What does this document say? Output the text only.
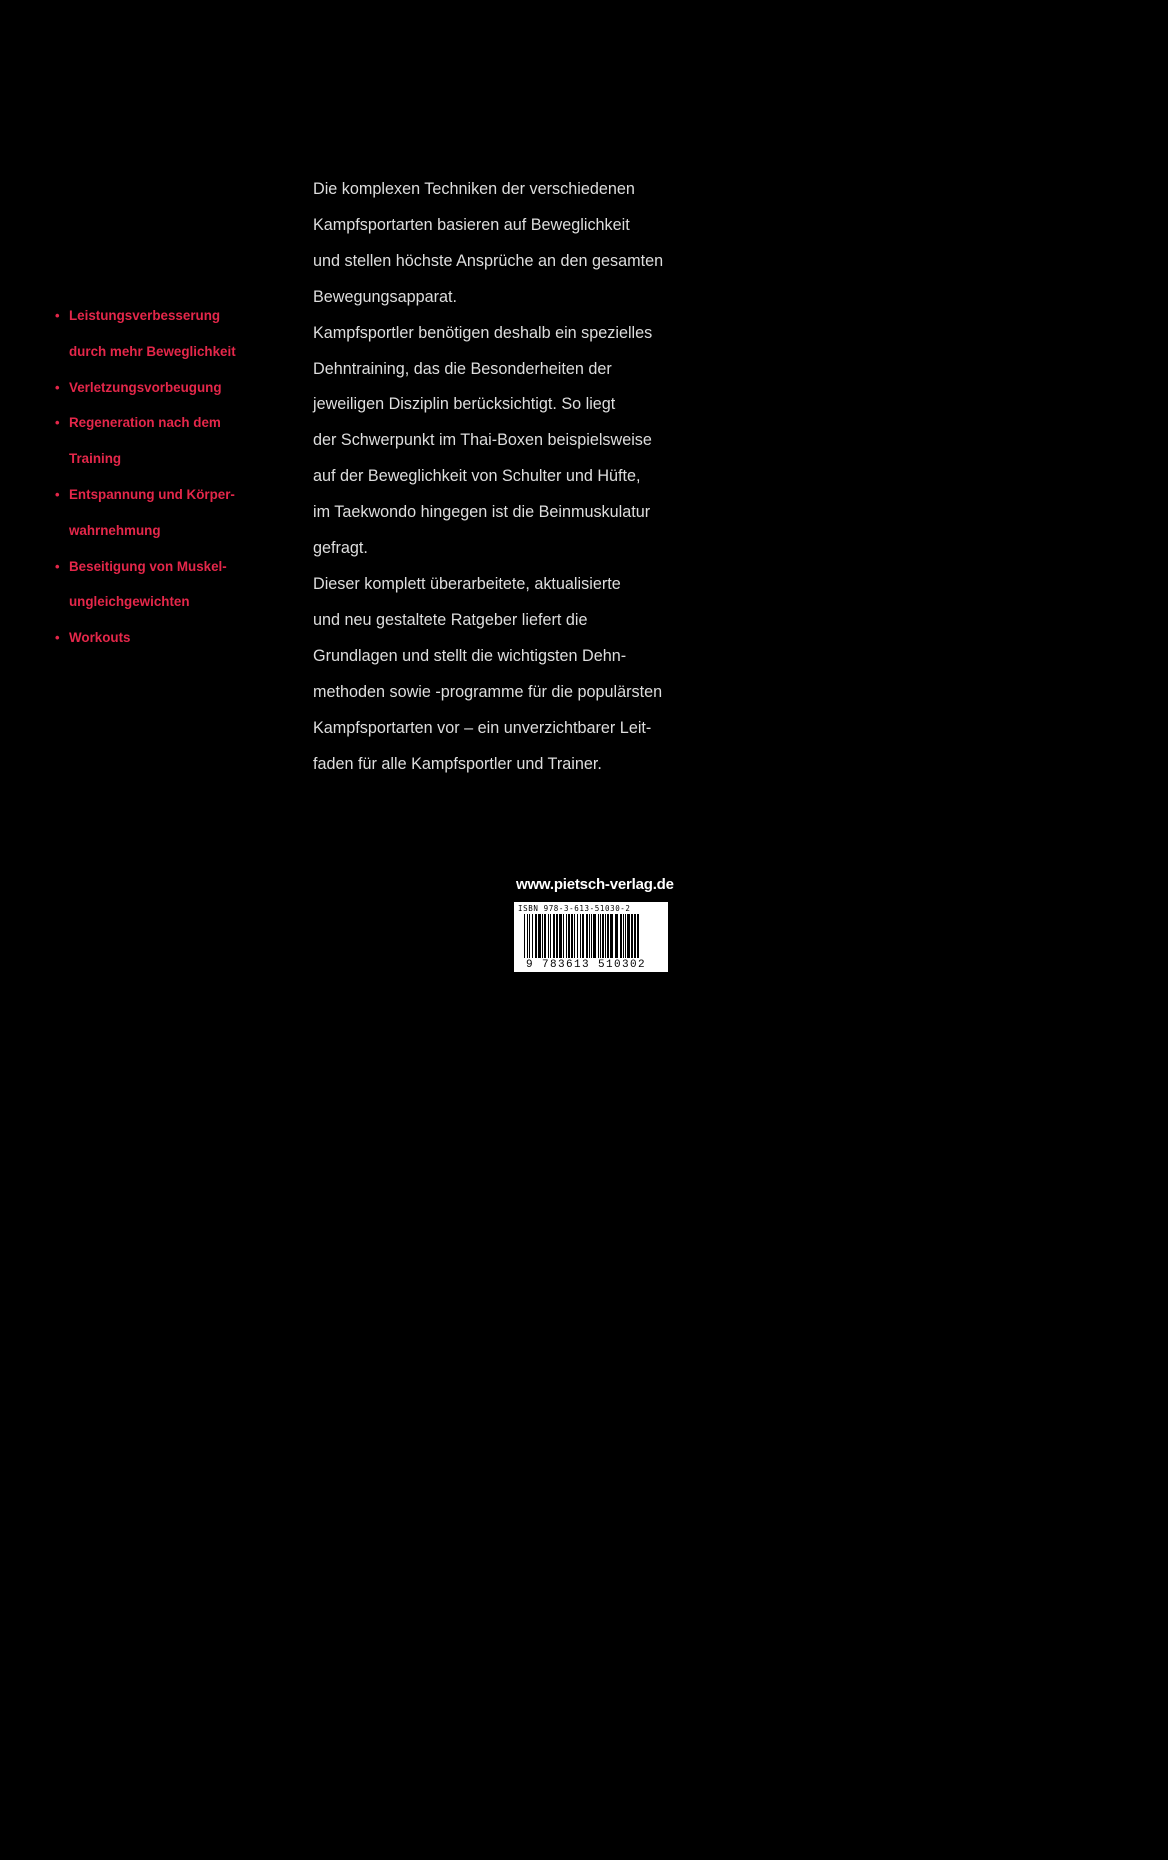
• Leistungsverbesserung
durch mehr Beweglichkeit
• Verletzungsvorbeugung
• Regeneration nach dem
Training
• Entspannung und Körper-
wahrnehmung
• Beseitigung von Muskel-
ungleichgewichten
• Workouts
Die komplexen Techniken der verschiedenen
Kampfsportarten basieren auf Beweglichkeit
und stellen höchste Ansprüche an den gesamten
Bewegungsapparat.
Kampfsportler benötigen deshalb ein spezielles
Dehntraining, das die Besonderheiten der
jeweiligen Disziplin berücksichtigt. So liegt
der Schwerpunkt im Thai-Boxen beispielsweise
auf der Beweglichkeit von Schulter und Hüfte,
im Taekwondo hingegen ist die Beinmuskulatur
gefragt.
Dieser komplett überarbeitete, aktualisierte
und neu gestaltete Ratgeber liefert die
Grundlagen und stellt die wichtigsten Dehn-
methoden sowie -programme für die populärsten
Kampfsportarten vor – ein unverzichtbarer Leit-
faden für alle Kampfsportler und Trainer.
www.pietsch-verlag.de
ISBN 978-3-613-51030-2
9 783613 510302
19.95 (D)
